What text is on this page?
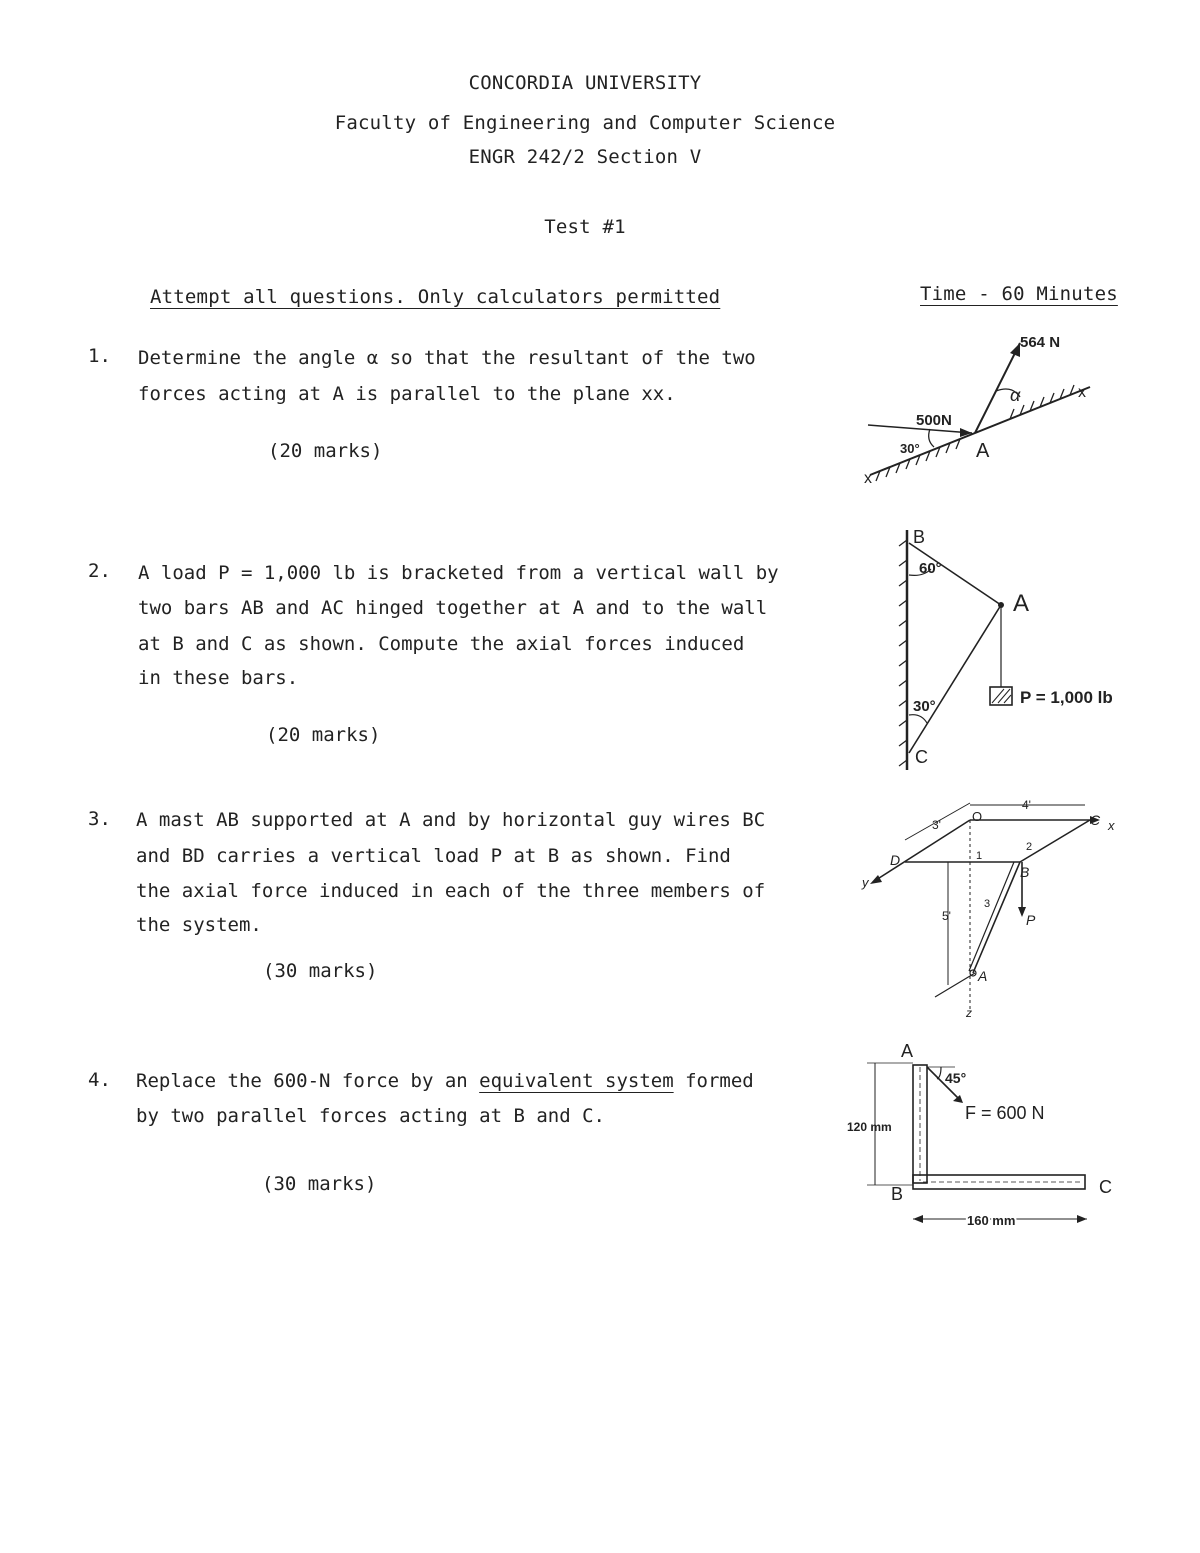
CONCORDIA UNIVERSITY
Faculty of Engineering and Computer Science
ENGR 242/2 Section V
Test #1
Attempt all questions. Only calculators permitted	Time - 60 Minutes
1. Determine the angle α so that the resultant of the two
forces acting at A is parallel to the plane xx.
(20 marks)
2. A load P = 1,000 lb is bracketed from a vertical wall by
two bars AB and AC hinged together at A and to the wall
at B and C as shown. Compute the axial forces induced
in these bars.
(20 marks)
3. A mast AB supported at A and by horizontal guy wires BC
and BD carries a vertical load P at B as shown. Find
the axial force induced in each of the three members of
the system.
(30 marks)
4. Replace the 600-N force by an equivalent system formed
by two parallel forces acting at B and C.
(30 marks)
564 N
500N
30°
α
A
x
x
B
A
C
60°
30°	P = 1,000 lb
D
O	C
B
A
P
x
y
z
3'
4'
5'
1
2
3
A
B	C
45°
F = 600 N
120 mm
160 mm
